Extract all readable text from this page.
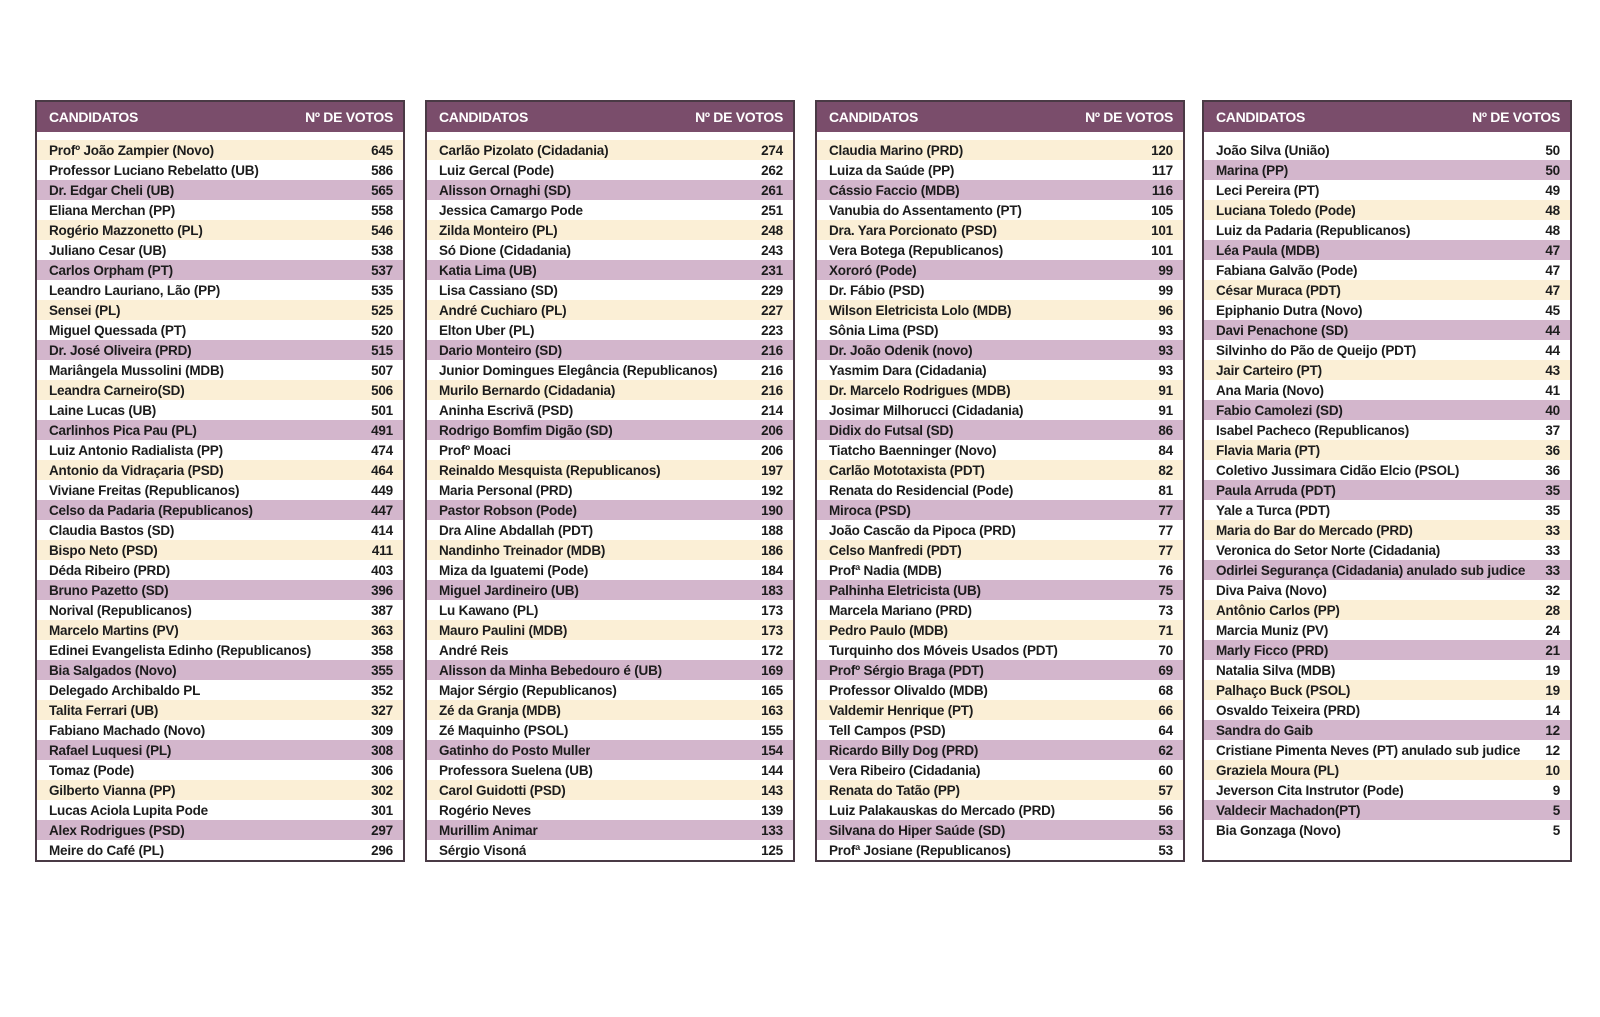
CANDIDATOS	Nº DE VOTOS
Profº João Zampier (Novo)	645
Professor Luciano Rebelatto (UB)	586
Dr. Edgar Cheli (UB)	565
Eliana Merchan (PP)	558
Rogério Mazzonetto (PL)	546
Juliano Cesar (UB)	538
Carlos Orpham (PT)	537
Leandro Lauriano, Lão (PP)	535
Sensei (PL)	525
Miguel Quessada (PT)	520
Dr. José Oliveira (PRD)	515
Mariângela Mussolini (MDB)	507
Leandra Carneiro(SD)	506
Laine Lucas (UB)	501
Carlinhos Pica Pau (PL)	491
Luiz Antonio Radialista (PP)	474
Antonio da Vidraçaria (PSD)	464
Viviane Freitas (Republicanos)	449
Celso da Padaria (Republicanos)	447
Claudia Bastos (SD)	414
Bispo Neto (PSD)	411
Déda Ribeiro (PRD)	403
Bruno Pazetto (SD)	396
Norival (Republicanos)	387
Marcelo Martins (PV)	363
Edinei Evangelista Edinho (Republicanos)	358
Bia Salgados (Novo)	355
Delegado Archibaldo PL	352
Talita Ferrari (UB)	327
Fabiano Machado (Novo)	309
Rafael Luquesi (PL)	308
Tomaz (Pode)	306
Gilberto Vianna (PP)	302
Lucas Aciola Lupita Pode	301
Alex Rodrigues (PSD)	297
Meire do Café (PL)	296
CANDIDATOS	Nº DE VOTOS
Carlão Pizolato (Cidadania)	274
Luiz Gercal (Pode)	262
Alisson Ornaghi (SD)	261
Jessica Camargo Pode	251
Zilda Monteiro (PL)	248
Só Dione (Cidadania)	243
Katia Lima (UB)	231
Lisa Cassiano (SD)	229
André Cuchiaro (PL)	227
Elton Uber (PL)	223
Dario Monteiro (SD)	216
Junior Domingues Elegância (Republicanos)	216
Murilo Bernardo (Cidadania)	216
Aninha Escrivã (PSD)	214
Rodrigo Bomfim Digão (SD)	206
Profº Moaci	206
Reinaldo Mesquista (Republicanos)	197
Maria Personal (PRD)	192
Pastor Robson (Pode)	190
Dra Aline Abdallah (PDT)	188
Nandinho Treinador (MDB)	186
Miza da Iguatemi (Pode)	184
Miguel Jardineiro (UB)	183
Lu Kawano (PL)	173
Mauro Paulini (MDB)	173
André Reis	172
Alisson da Minha Bebedouro é (UB)	169
Major Sérgio (Republicanos)	165
Zé da Granja (MDB)	163
Zé Maquinho (PSOL)	155
Gatinho do Posto Muller	154
Professora Suelena (UB)	144
Carol Guidotti (PSD)	143
Rogério Neves	139
Murillim Animar	133
Sérgio Visoná	125
CANDIDATOS	Nº DE VOTOS
Claudia Marino (PRD)	120
Luiza da Saúde (PP)	117
Cássio Faccio (MDB)	116
Vanubia do Assentamento (PT)	105
Dra. Yara Porcionato (PSD)	101
Vera Botega (Republicanos)	101
Xororó (Pode)	99
Dr. Fábio (PSD)	99
Wilson Eletricista Lolo (MDB)	96
Sônia Lima (PSD)	93
Dr. João Odenik (novo)	93
Yasmim Dara (Cidadania)	93
Dr. Marcelo Rodrigues (MDB)	91
Josimar Milhorucci (Cidadania)	91
Didix do Futsal (SD)	86
Tiatcho Baenninger (Novo)	84
Carlão Mototaxista (PDT)	82
Renata do Residencial (Pode)	81
Miroca (PSD)	77
João Cascão da Pipoca (PRD)	77
Celso Manfredi (PDT)	77
Profª Nadia (MDB)	76
Palhinha Eletricista (UB)	75
Marcela Mariano (PRD)	73
Pedro Paulo (MDB)	71
Turquinho dos Móveis Usados (PDT)	70
Profº Sérgio Braga (PDT)	69
Professor Olivaldo (MDB)	68
Valdemir Henrique (PT)	66
Tell Campos (PSD)	64
Ricardo Billy Dog (PRD)	62
Vera Ribeiro (Cidadania)	60
Renata do Tatão (PP)	57
Luiz Palakauskas do Mercado (PRD)	56
Silvana do Hiper Saúde (SD)	53
Profª Josiane (Republicanos)	53
CANDIDATOS	Nº DE VOTOS
João Silva (União)	50
Marina (PP)	50
Leci Pereira (PT)	49
Luciana Toledo (Pode)	48
Luiz da Padaria (Republicanos)	48
Léa Paula (MDB)	47
Fabiana Galvão (Pode)	47
César Muraca (PDT)	47
Epiphanio Dutra (Novo)	45
Davi Penachone (SD)	44
Silvinho do Pão de Queijo (PDT)	44
Jair Carteiro (PT)	43
Ana Maria (Novo)	41
Fabio Camolezi (SD)	40
Isabel Pacheco (Republicanos)	37
Flavia Maria (PT)	36
Coletivo Jussimara Cidão Elcio (PSOL)	36
Paula Arruda (PDT)	35
Yale a Turca (PDT)	35
Maria do Bar do Mercado (PRD)	33
Veronica do Setor Norte (Cidadania)	33
Odirlei Segurança (Cidadania) anulado sub judice 33
Diva Paiva (Novo)	32
Antônio Carlos (PP)	28
Marcia Muniz (PV)	24
Marly Ficco (PRD)	21
Natalia Silva (MDB)	19
Palhaço Buck (PSOL)	19
Osvaldo Teixeira (PRD)	14
Sandra do Gaib	12
Cristiane Pimenta Neves (PT) anulado sub judice 12
Graziela Moura (PL)	10
Jeverson Cita Instrutor (Pode)	9
Valdecir Machadon(PT)	5
Bia Gonzaga (Novo)	5
